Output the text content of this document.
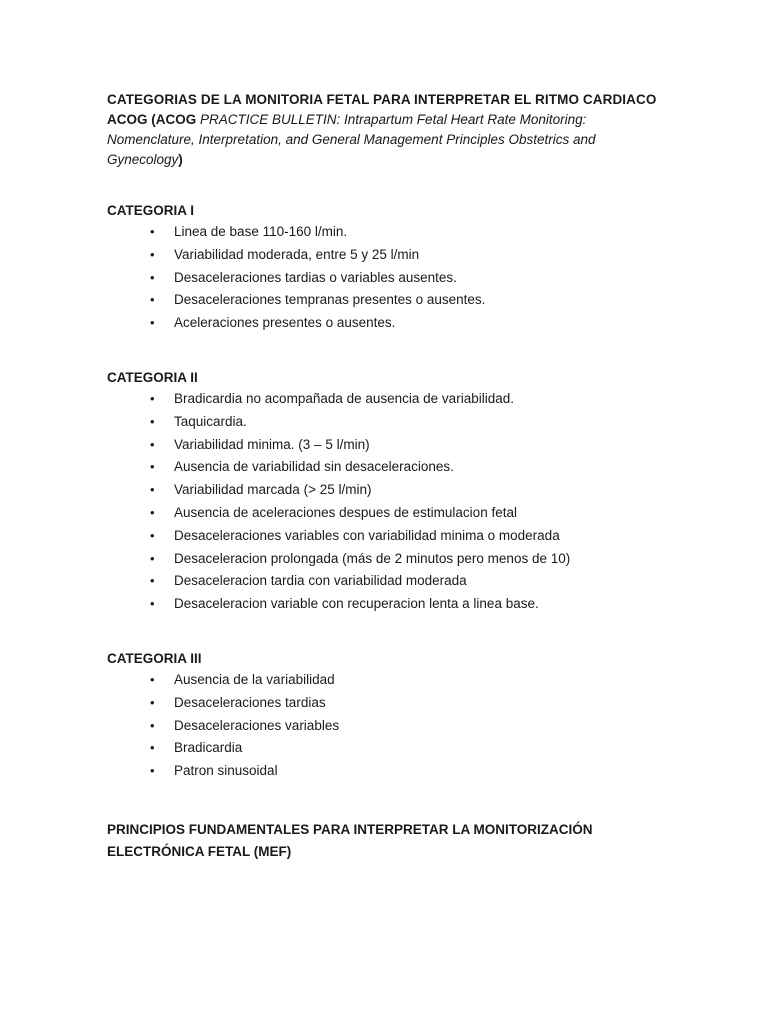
CATEGORIAS DE LA MONITORIA FETAL PARA INTERPRETAR EL RITMO CARDIACO
ACOG (ACOG PRACTICE BULLETIN: Intrapartum Fetal Heart Rate Monitoring:
Nomenclature, Interpretation, and General Management Principles Obstetrics and
Gynecology)
CATEGORIA I
• Linea de base 110-160 l/min.
• Variabilidad moderada, entre 5 y 25 l/min
• Desaceleraciones tardias o variables ausentes.
• Desaceleraciones tempranas presentes o ausentes.
• Aceleraciones presentes o ausentes.
CATEGORIA II
• Bradicardia no acompañada de ausencia de variabilidad.
• Taquicardia.
• Variabilidad minima. (3 – 5 l/min)
• Ausencia de variabilidad sin desaceleraciones.
• Variabilidad marcada (> 25 l/min)
• Ausencia de aceleraciones despues de estimulacion fetal
• Desaceleraciones variables con variabilidad minima o moderada
• Desaceleracion prolongada (más de 2 minutos pero menos de 10)
• Desaceleracion tardia con variabilidad moderada
• Desaceleracion variable con recuperacion lenta a linea base.
CATEGORIA III
• Ausencia de la variabilidad
• Desaceleraciones tardias
• Desaceleraciones variables
• Bradicardia
• Patron sinusoidal
PRINCIPIOS FUNDAMENTALES PARA INTERPRETAR LA MONITORIZACIÓN
ELECTRÓNICA FETAL (MEF)
